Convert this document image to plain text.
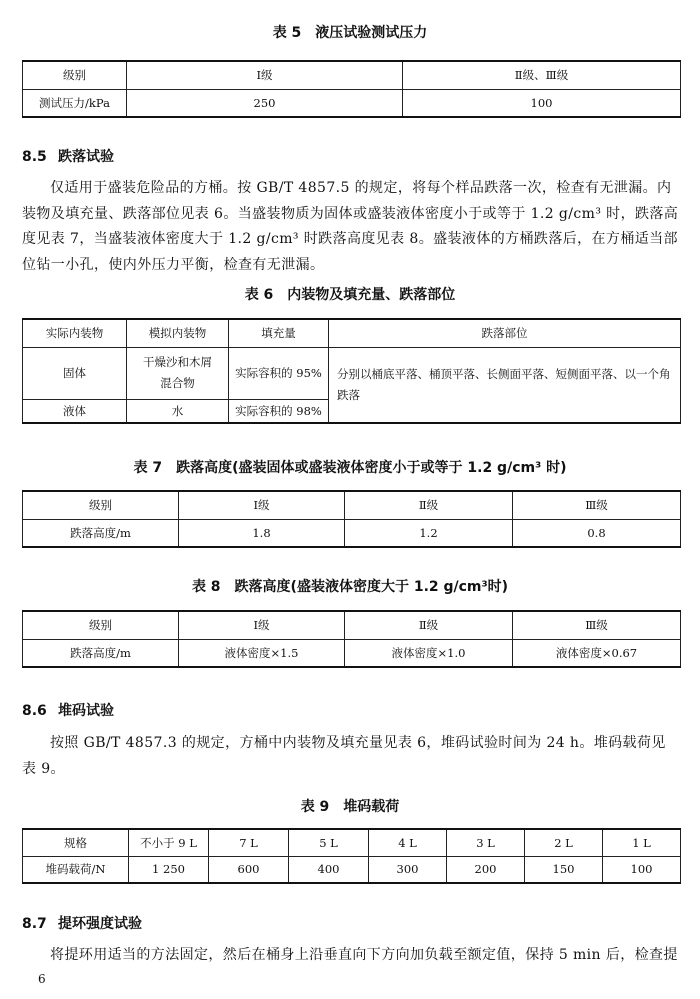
表 5　液压试验测试压力
级别	Ⅰ级	Ⅱ级、Ⅲ级
测试压力/kPa	250	100
8.5 跌落试验
仅适用于盛装危险品的方桶。按 GB/T 4857.5 的规定，将每个样品跌落一次，检查有无泄漏。内
装物及填充量、跌落部位见表 6。当盛装物质为固体或盛装液体密度小于或等于 1.2 g/cm³ 时，跌落高
度见表 7，当盛装液体密度大于 1.2 g/cm³ 时跌落高度见表 8。盛装液体的方桶跌落后，在方桶适当部
位钻一小孔，使内外压力平衡，检查有无泄漏。
表 6　内装物及填充量、跌落部位
实际内装物	模拟内装物	填充量	跌落部位
固体	干燥沙和木屑混合物	实际容积的 95%	分别以桶底平落、桶顶平落、长侧面平落、短侧面平落、以一个角跌落
液体	水	实际容积的 98%	
表 7　跌落高度(盛装固体或盛装液体密度小于或等于 1.2 g/cm³ 时)
级别	Ⅰ级	Ⅱ级	Ⅲ级
跌落高度/m	1.8	1.2	0.8
表 8　跌落高度(盛装液体密度大于 1.2 g/cm³时)
级别	Ⅰ级	Ⅱ级	Ⅲ级
跌落高度/m	液体密度×1.5	液体密度×1.0	液体密度×0.67
8.6 堆码试验
按照 GB/T 4857.3 的规定，方桶中内装物及填充量见表 6，堆码试验时间为 24 h。堆码载荷见
表 9。
表 9　堆码载荷
规格	不小于 9 L	7 L	5 L	4 L	3 L	2 L	1 L
堆码载荷/N	1 250	600	400	300	200	150	100
8.7 提环强度试验
将提环用适当的方法固定，然后在桶身上沿垂直向下方向加负载至额定值，保持 5 min 后，检查提
6
